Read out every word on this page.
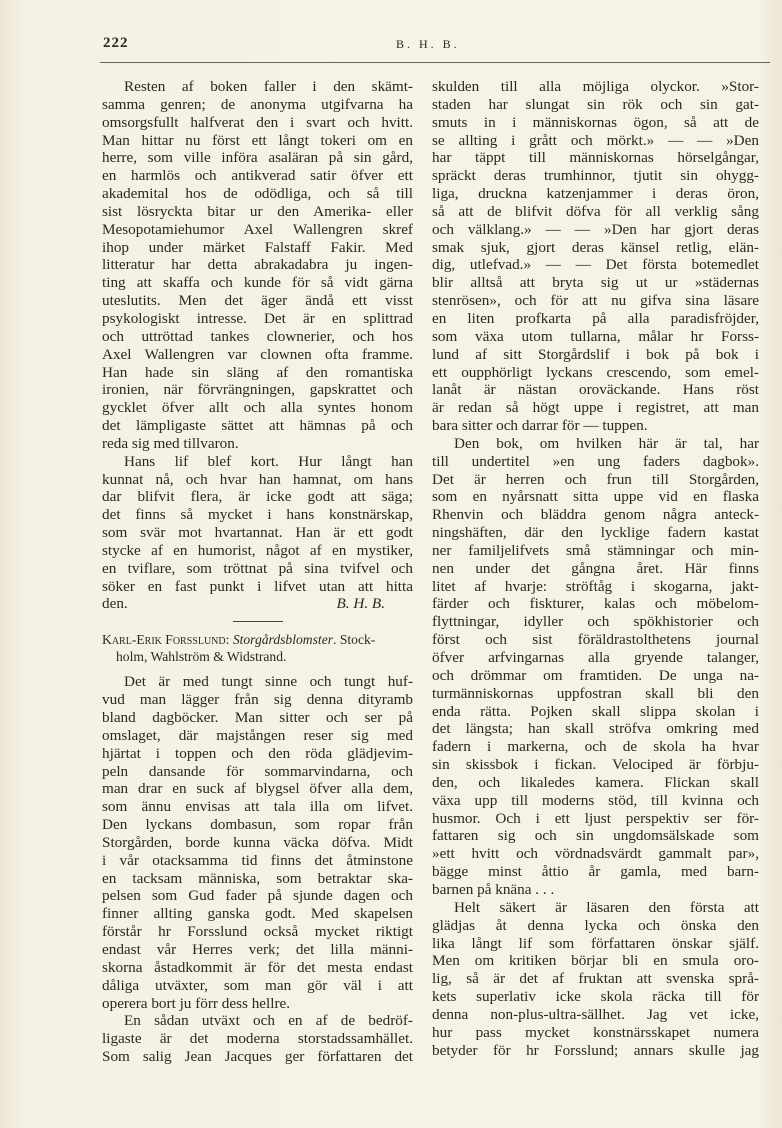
222	B. H. B.
Resten af boken faller i den skämt-
samma genren; de anonyma utgifvarna ha
omsorgsfullt halfverat den i svart och hvitt.
Man hittar nu först ett långt tokeri om en
herre, som ville införa asaläran på sin gård,
en harmlös och antikverad satir öfver ett
akademital hos de odödliga, och så till
sist lösryckta bitar ur den Amerika- eller
Mesopotamiehumor Axel Wallengren skref
ihop under märket Falstaff Fakir. Med
litteratur har detta abrakadabra ju ingen-
ting att skaffa och kunde för så vidt gärna
uteslutits. Men det äger ändå ett visst
psykologiskt intresse. Det är en splittrad
och uttröttad tankes clownerier, och hos
Axel Wallengren var clownen ofta framme.
Han hade sin släng af den romantiska
ironien, när förvrängningen, gapskrattet och
gycklet öfver allt och alla syntes honom
det lämpligaste sättet att hämnas på och
reda sig med tillvaron.
Hans lif blef kort. Hur långt han
kunnat nå, och hvar han hamnat, om hans
dar blifvit flera, är icke godt att säga;
det finns så mycket i hans konstnärskap,
som svär mot hvartannat. Han är ett godt
stycke af en humorist, något af en mystiker,
en tviflare, som tröttnat på sina tvifvel och
söker en fast punkt i lifvet utan att hitta
den.	B. H. B.
Karl-Erik Forsslund: Storgårdsblomster. Stock-
holm, Wahlström & Widstrand.
Det är med tungt sinne och tungt huf-
vud man lägger från sig denna dityramb
bland dagböcker. Man sitter och ser på
omslaget, där majstången reser sig med
hjärtat i toppen och den röda glädjevim-
peln dansande för sommarvindarna, och
man drar en suck af blygsel öfver alla dem,
som ännu envisas att tala illa om lifvet.
Den lyckans dombasun, som ropar från
Storgården, borde kunna väcka döfva. Midt
i vår otacksamma tid finns det åtminstone
en tacksam människa, som betraktar ska-
pelsen som Gud fader på sjunde dagen och
finner allting ganska godt. Med skapelsen
förstår hr Forsslund också mycket riktigt
endast vår Herres verk; det lilla männi-
skorna åstadkommit är för det mesta endast
dåliga utväxter, som man gör väl i att
operera bort ju förr dess hellre.
En sådan utväxt och en af de bedröf-
ligaste är det moderna storstadssamhället.
Som salig Jean Jacques ger författaren det
skulden till alla möjliga olyckor. »Stor-
staden har slungat sin rök och sin gat-
smuts in i människornas ögon, så att de
se allting i grått och mörkt.» — — »Den
har täppt till människornas hörselgångar,
spräckt deras trumhinnor, tjutit sin ohygg-
liga, druckna katzenjammer i deras öron,
så att de blifvit döfva för all verklig sång
och välklang.» — — »Den har gjort deras
smak sjuk, gjort deras känsel retlig, elän-
dig, utlefvad.» — — Det första botemedlet
blir alltså att bryta sig ut ur »städernas
stenrösen», och för att nu gifva sina läsare
en liten profkarta på alla paradisfröjder,
som växa utom tullarna, målar hr Forss-
lund af sitt Storgårdslif i bok på bok i
ett oupphörligt lyckans crescendo, som emel-
lanåt är nästan oroväckande. Hans röst
är redan så högt uppe i registret, att man
bara sitter och darrar för — tuppen.
Den bok, om hvilken här är tal, har
till undertitel »en ung faders dagbok».
Det är herren och frun till Storgården,
som en nyårsnatt sitta uppe vid en flaska
Rhenvin och bläddra genom några anteck-
ningshäften, där den lycklige fadern kastat
ner familjelifvets små stämningar och min-
nen under det gångna året. Här finns
litet af hvarje: ströftåg i skogarna, jakt-
färder och fiskturer, kalas och möbelom-
flyttningar, idyller och spökhistorier och
först och sist föräldrastolthetens journal
öfver arfvingarnas alla gryende talanger,
och drömmar om framtiden. De unga na-
turmänniskornas uppfostran skall bli den
enda rätta. Pojken skall slippa skolan i
det längsta; han skall ströfva omkring med
fadern i markerna, och de skola ha hvar
sin skissbok i fickan. Velociped är förbju-
den, och likaledes kamera. Flickan skall
växa upp till moderns stöd, till kvinna och
husmor. Och i ett ljust perspektiv ser för-
fattaren sig och sin ungdomsälskade som
»ett hvitt och vördnadsvärdt gammalt par»,
bägge minst åttio år gamla, med barn-
barnen på knäna . . .
Helt säkert är läsaren den första att
glädjas åt denna lycka och önska den
lika långt lif som författaren önskar själf.
Men om kritiken börjar bli en smula oro-
lig, så är det af fruktan att svenska språ-
kets superlativ icke skola räcka till för
denna non-plus-ultra-sällhet. Jag vet icke,
hur pass mycket konstnärsskapet numera
betyder för hr Forsslund; annars skulle jag
